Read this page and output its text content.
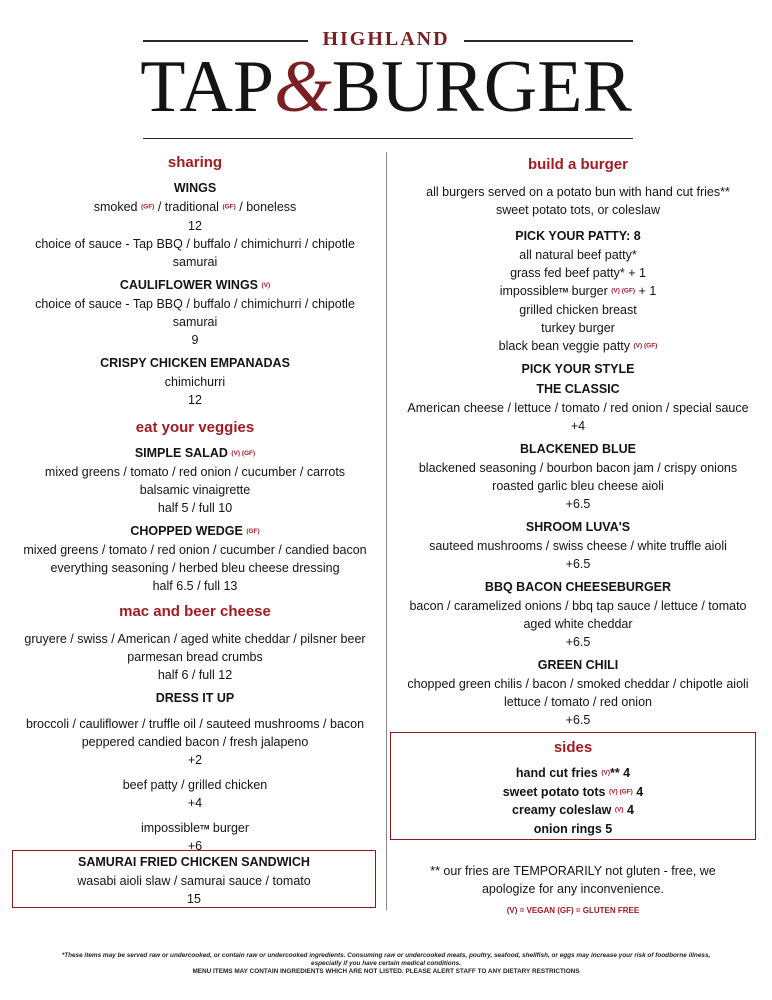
HIGHLAND
TAP&BURGER
sharing
WINGS
smoked (GF) / traditional (GF) / boneless
12
choice of sauce - Tap BBQ / buffalo / chimichurri / chipotle
samurai
CAULIFLOWER WINGS (V)
choice of sauce - Tap BBQ / buffalo / chimichurri / chipotle
samurai
9
CRISPY CHICKEN EMPANADAS
chimichurri
12
eat your veggies
SIMPLE SALAD (V) (GF)
mixed greens / tomato / red onion / cucumber / carrots
balsamic vinaigrette
half 5 / full 10
CHOPPED WEDGE (GF)
mixed greens / tomato / red onion / cucumber / candied bacon
everything seasoning / herbed bleu cheese dressing
half 6.5 / full 13
mac and beer cheese
gruyere / swiss / American / aged white cheddar / pilsner beer
parmesan bread crumbs
half 6 / full 12
DRESS IT UP
broccoli / cauliflower / truffle oil / sauteed mushrooms / bacon
peppered candied bacon / fresh jalapeno
+2
beef patty / grilled chicken
+4
impossibleTM burger
+6
SAMURAI FRIED CHICKEN SANDWICH
wasabi aioli slaw / samurai sauce / tomato
15
build a burger
all burgers served on a potato bun with hand cut fries**
sweet potato tots, or coleslaw
PICK YOUR PATTY: 8
all natural beef patty*
grass fed beef patty* + 1
impossibleTM burger (V) (GF) + 1
grilled chicken breast
turkey burger
black bean veggie patty (V) (GF)
PICK YOUR STYLE
THE CLASSIC
American cheese / lettuce / tomato / red onion / special sauce
+4
BLACKENED BLUE
blackened seasoning / bourbon bacon jam / crispy onions
roasted garlic bleu cheese aioli
+6.5
SHROOM LUVA'S
sauteed mushrooms / swiss cheese / white truffle aioli
+6.5
BBQ BACON CHEESEBURGER
bacon / caramelized onions / bbq tap sauce / lettuce / tomato
aged white cheddar
+6.5
GREEN CHILI
chopped green chilis / bacon / smoked cheddar / chipotle aioli
lettuce / tomato / red onion
+6.5
sides
hand cut fries (V)** 4
sweet potato tots (V) (GF) 4
creamy coleslaw (V) 4
onion rings 5
** our fries are TEMPORARILY not gluten - free, we
apologize for any inconvenience.
(V) = VEGAN (GF) = GLUTEN FREE
*These items may be served raw or undercooked, or contain raw or undercooked ingredients. Consuming raw or undercooked meats, poultry, seafood, shellfish, or eggs may increase your risk of foodborne illness,
especially if you have certain medical conditions.
MENU ITEMS MAY CONTAIN INGREDIENTS WHICH ARE NOT LISTED. PLEASE ALERT STAFF TO ANY DIETARY RESTRICTIONS
